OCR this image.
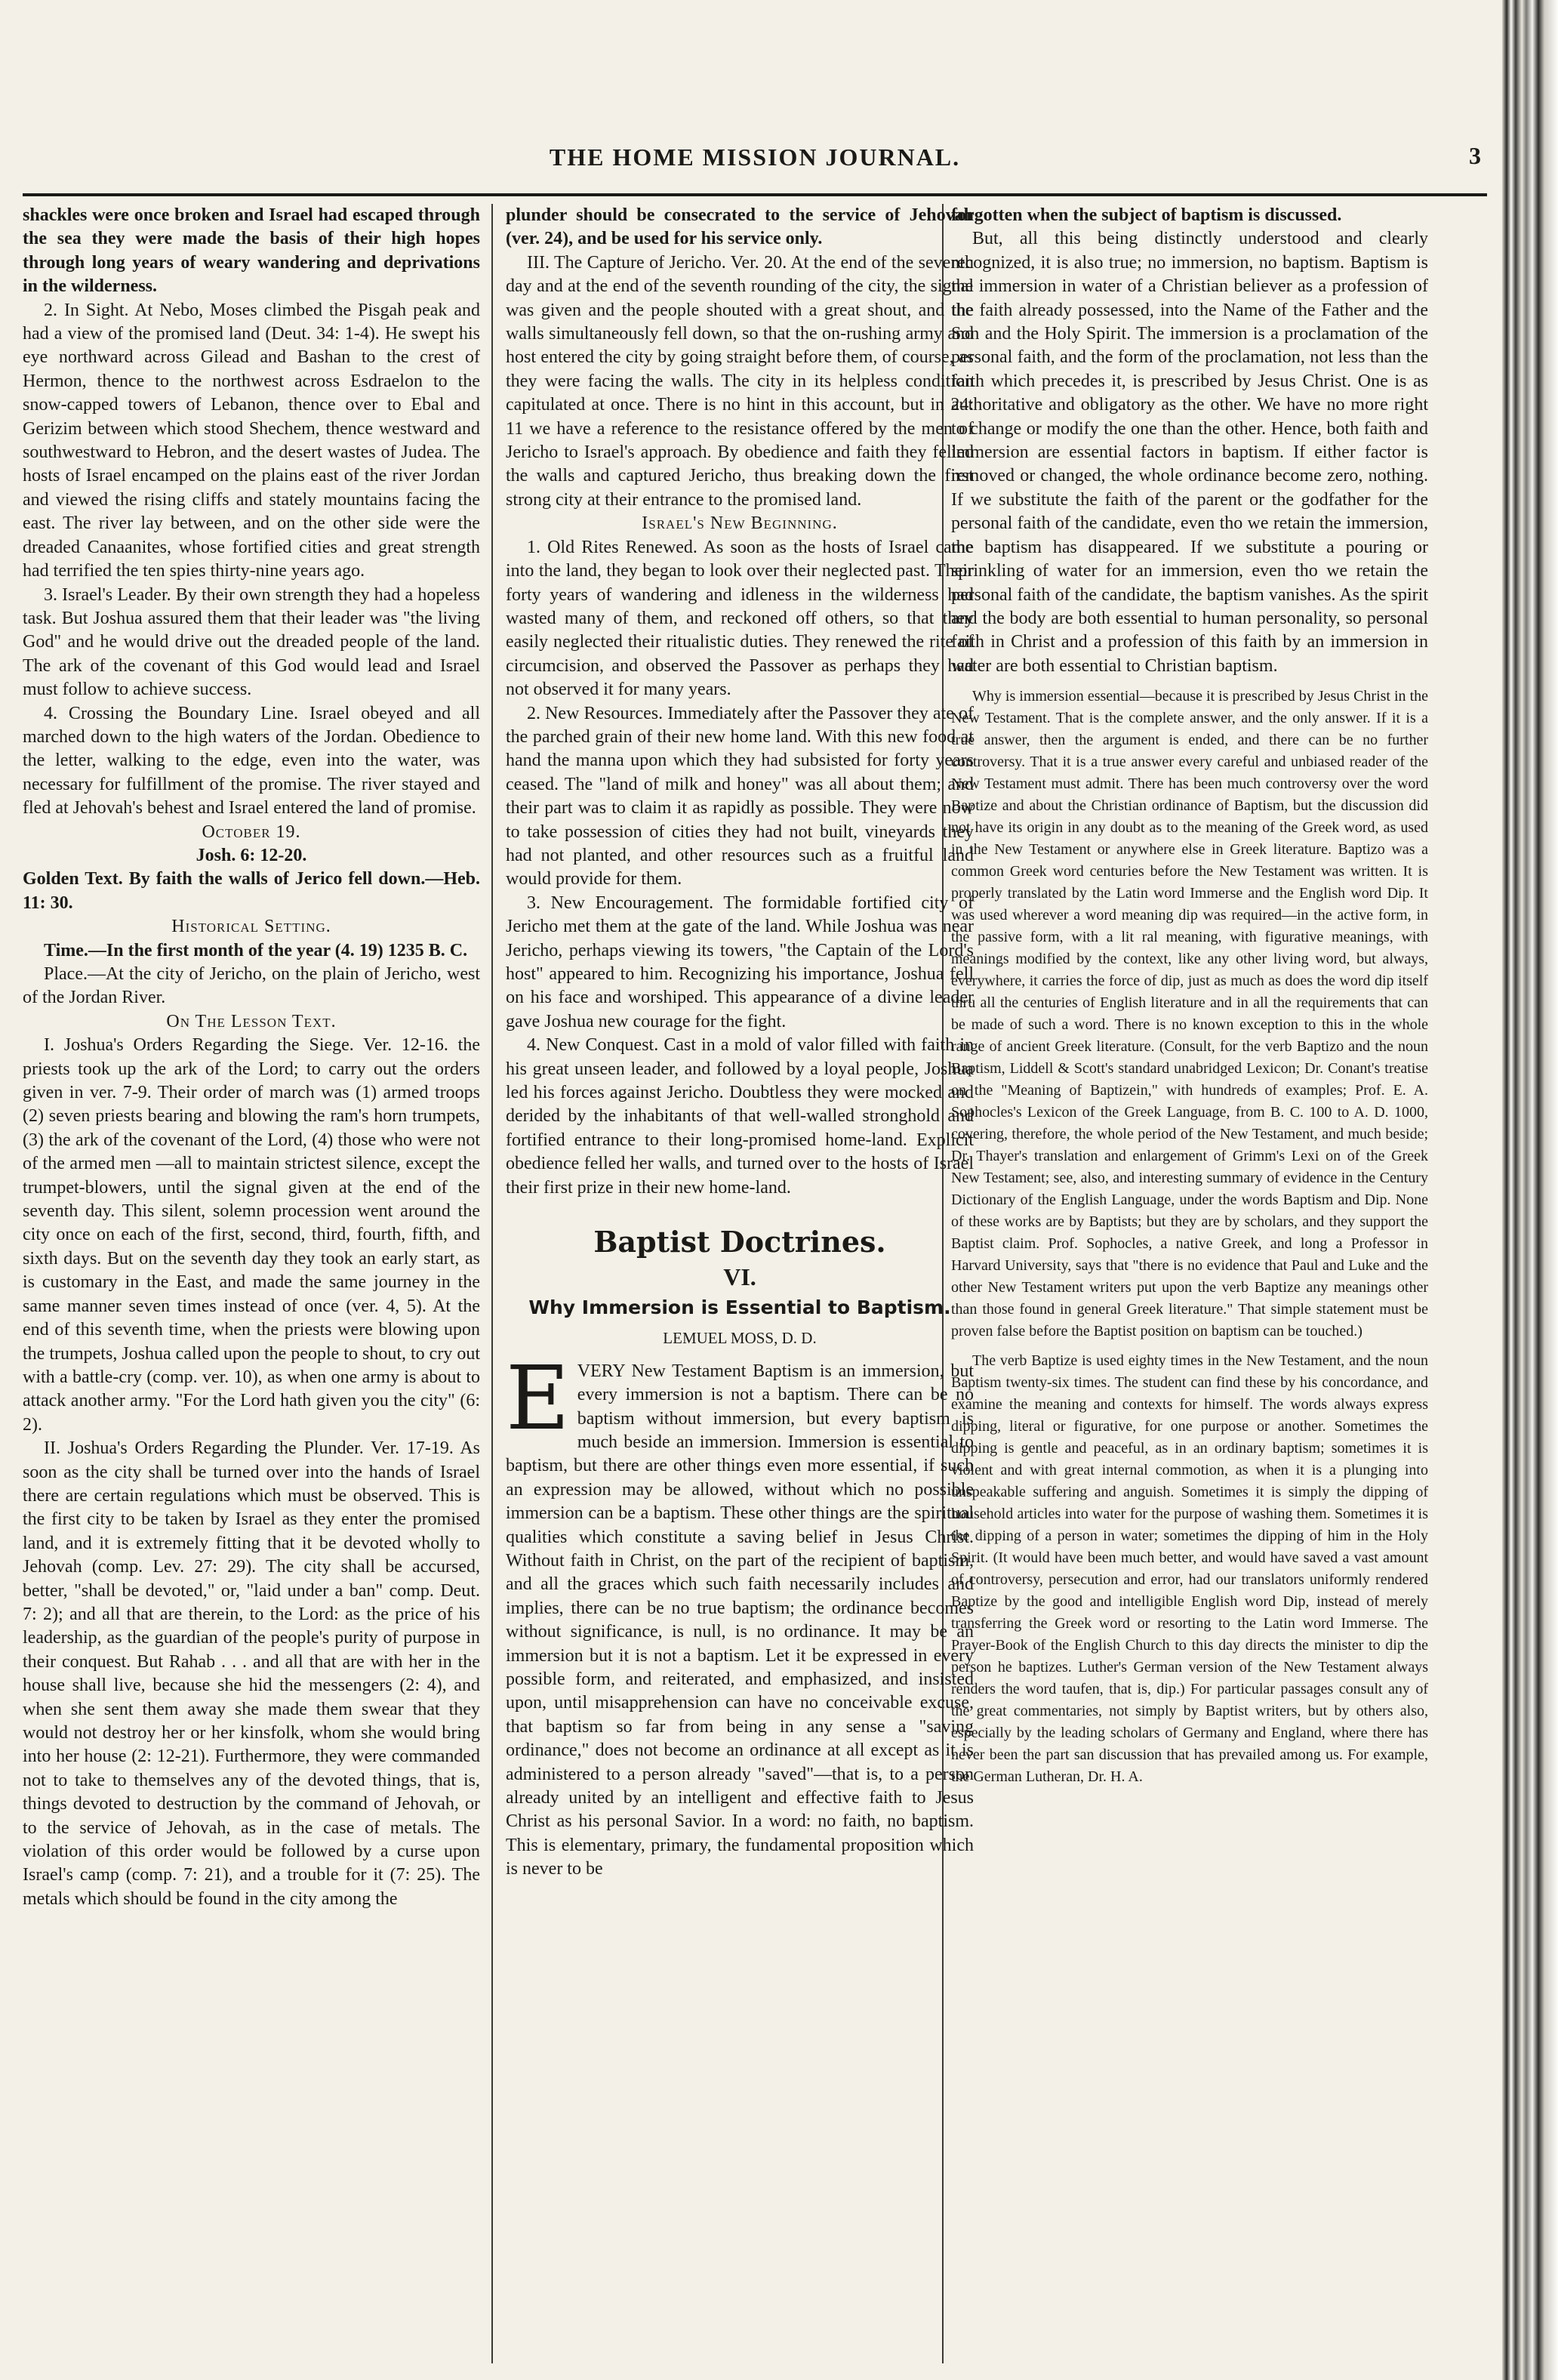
THE HOME MISSION JOURNAL.	3

shackles were once broken and Israel had escaped through the sea they were made the basis of their high hopes through long years of weary wandering and deprivations in the wilderness.

2. In Sight. At Nebo, Moses climbed the Pisgah peak and had a view of the promised land (Deut. 34: 1-4). He swept his eye northward across Gilead and Bashan to the crest of Hermon, thence to the northwest across Esdraelon to the snow-capped towers of Lebanon, thence over to Ebal and Gerizim between which stood Shechem, thence westward and southwestward to Hebron, and the desert wastes of Judea. The hosts of Israel encamped on the plains east of the river Jordan and viewed the rising cliffs and stately mountains facing the east. The river lay between, and on the other side were the dreaded Canaanites, whose fortified cities and great strength had terrified the ten spies thirty-nine years ago.

3. Israel's Leader. By their own strength they had a hopeless task. But Joshua assured them that their leader was "the living God" and he would drive out the dreaded people of the land. The ark of the covenant of this God would lead and Israel must follow to achieve success.

4. Crossing the Boundary Line. Israel obeyed and all marched down to the high waters of the Jordan. Obedience to the letter, walking to the edge, even into the water, was necessary for fulfillment of the promise. The river stayed and fled at Jehovah's behest and Israel entered the land of promise.

October 19.

Josh. 6: 12-20.

Golden Text. By faith the walls of Jerico fell down.—Heb. 11: 30.

Historical Setting.

Time.—In the first month of the year (4. 19) 1235 B. C.

Place.—At the city of Jericho, on the plain of Jericho, west of the Jordan River.

On The Lesson Text.

I. Joshua's Orders Regarding the Siege. Ver. 12-16. the priests took up the ark of the Lord; to carry out the orders given in ver. 7-9. Their order of march was (1) armed troops (2) seven priests bearing and blowing the ram's horn trumpets, (3) the ark of the covenant of the Lord, (4) those who were not of the armed men —all to maintain strictest silence, except the trumpet-blowers, until the signal given at the end of the seventh day. This silent, solemn procession went around the city once on each of the first, second, third, fourth, fifth, and sixth days. But on the seventh day they took an early start, as is customary in the East, and made the same journey in the same manner seven times instead of once (ver. 4, 5). At the end of this seventh time, when the priests were blowing upon the trumpets, Joshua called upon the people to shout, to cry out with a battle-cry (comp. ver. 10), as when one army is about to attack another army. "For the Lord hath given you the city" (6: 2).

II. Joshua's Orders Regarding the Plunder. Ver. 17-19. As soon as the city shall be turned over into the hands of Israel there are certain regulations which must be observed. This is the first city to be taken by Israel as they enter the promised land, and it is extremely fitting that it be devoted wholly to Jehovah (comp. Lev. 27: 29). The city shall be accursed, better, "shall be devoted," or, "laid under a ban" comp. Deut. 7: 2); and all that are therein, to the Lord: as the price of his leadership, as the guardian of the people's purity of purpose in their conquest. But Rahab . . . and all that are with her in the house shall live, because she hid the messengers (2: 4), and when she sent them away she made them swear that they would not destroy her or her kinsfolk, whom she would bring into her house (2: 12-21). Furthermore, they were commanded not to take to themselves any of the devoted things, that is, things devoted to destruction by the command of Jehovah, or to the service of Jehovah, as in the case of metals. The violation of this order would be followed by a curse upon Israel's camp (comp. 7: 21), and a trouble for it (7: 25). The metals which should be found in the city among the

plunder should be consecrated to the service of Jehovah (ver. 24), and be used for his service only.

III. The Capture of Jericho. Ver. 20. At the end of the seventh day and at the end of the seventh rounding of the city, the signal was given and the people shouted with a great shout, and the walls simultaneously fell down, so that the on-rushing army and host entered the city by going straight before them, of course, as they were facing the walls. The city in its helpless condition capitulated at once. There is no hint in this account, but in 24: 11 we have a reference to the resistance offered by the men of Jericho to Israel's approach. By obedience and faith they felled the walls and captured Jericho, thus breaking down the first strong city at their entrance to the promised land.

Israel's New Beginning.

1. Old Rites Renewed. As soon as the hosts of Israel came into the land, they began to look over their neglected past. Their forty years of wandering and idleness in the wilderness had wasted many of them, and reckoned off others, so that they easily neglected their ritualistic duties. They renewed the rite of circumcision, and observed the Passover as perhaps they had not observed it for many years.

2. New Resources. Immediately after the Passover they ate of the parched grain of their new home land. With this new food at hand the manna upon which they had subsisted for forty years ceased. The "land of milk and honey" was all about them; and their part was to claim it as rapidly as possible. They were now to take possession of cities they had not built, vineyards they had not planted, and other resources such as a fruitful land would provide for them.

3. New Encouragement. The formidable fortified city of Jericho met them at the gate of the land. While Joshua was near Jericho, perhaps viewing its towers, "the Captain of the Lord's host" appeared to him. Recognizing his importance, Joshua fell on his face and worshiped. This appearance of a divine leader gave Joshua new courage for the fight.

4. New Conquest. Cast in a mold of valor filled with faith in his great unseen leader, and followed by a loyal people, Joshua led his forces against Jericho. Doubtless they were mocked and derided by the inhabitants of that well-walled stronghold and fortified entrance to their long-promised home-land. Explicit obedience felled her walls, and turned over to the hosts of Israel their first prize in their new home-land.

Baptist Doctrines.
VI.
Why Immersion is Essential to Baptism.
LEMUEL MOSS, D. D.

EVERY New Testament Baptism is an immersion, but every immersion is not a baptism. There can be no baptism without immersion, but every baptism is much beside an immersion. Immersion is essential to baptism, but there are other things even more essential, if such an expression may be allowed, without which no possible immersion can be a baptism. These other things are the spiritual qualities which constitute a saving belief in Jesus Christ. Without faith in Christ, on the part of the recipient of baptism, and all the graces which such faith necessarily includes and implies, there can be no true baptism; the ordinance becomes without significance, is null, is no ordinance. It may be an immersion but it is not a baptism. Let it be expressed in every possible form, and reiterated, and emphasized, and insisted upon, until misapprehension can have no conceivable excuse, that baptism so far from being in any sense a "saving ordinance," does not become an ordinance at all except as it is administered to a person already "saved"—that is, to a person already united by an intelligent and effective faith to Jesus Christ as his personal Savior. In a word: no faith, no baptism. This is elementary, primary, the fundamental proposition which is never to be

forgotten when the subject of baptism is discussed.

But, all this being distinctly understood and clearly recognized, it is also true; no immersion, no baptism. Baptism is the immersion in water of a Christian believer as a profession of the faith already possessed, into the Name of the Father and the Son and the Holy Spirit. The immersion is a proclamation of the personal faith, and the form of the proclamation, not less than the faith which precedes it, is prescribed by Jesus Christ. One is as authoritative and obligatory as the other. We have no more right to change or modify the one than the other. Hence, both faith and immersion are essential factors in baptism. If either factor is removed or changed, the whole ordinance become zero, nothing. If we substitute the faith of the parent or the godfather for the personal faith of the candidate, even tho we retain the immersion, the baptism has disappeared. If we substitute a pouring or sprinkling of water for an immersion, even tho we retain the personal faith of the candidate, the baptism vanishes. As the spirit and the body are both essential to human personality, so personal faith in Christ and a profession of this faith by an immersion in water are both essential to Christian baptism.

Why is immersion essential—because it is prescribed by Jesus Christ in the New Testament. That is the complete answer, and the only answer. If it is a true answer, then the argument is ended, and there can be no further controversy. That it is a true answer every careful and unbiased reader of the New Testament must admit. There has been much controversy over the word Baptize and about the Christian ordinance of Baptism, but the discussion did not have its origin in any doubt as to the meaning of the Greek word, as used in the New Testament or anywhere else in Greek literature. Baptizo was a common Greek word centuries before the New Testament was written. It is properly translated by the Latin word Immerse and the English word Dip. It was used wherever a word meaning dip was required—in the active form, in the passive form, with a lit ral meaning, with figurative meanings, with meanings modified by the context, like any other living word, but always, everywhere, it carries the force of dip, just as much as does the word dip itself thru all the centuries of English literature and in all the requirements that can be made of such a word. There is no known exception to this in the whole range of ancient Greek literature. (Consult, for the verb Baptizo and the noun Baptism, Liddell & Scott's standard unabridged Lexicon; Dr. Conant's treatise on the "Meaning of Baptizein," with hundreds of examples; Prof. E. A. Sophocles's Lexicon of the Greek Language, from B. C. 100 to A. D. 1000, covering, therefore, the whole period of the New Testament, and much beside; Dr. Thayer's translation and enlargement of Grimm's Lexi on of the Greek New Testament; see, also, and interesting summary of evidence in the Century Dictionary of the English Language, under the words Baptism and Dip. None of these works are by Baptists; but they are by scholars, and they support the Baptist claim. Prof. Sophocles, a native Greek, and long a Professor in Harvard University, says that "there is no evidence that Paul and Luke and the other New Testament writers put upon the verb Baptize any meanings other than those found in general Greek literature." That simple statement must be proven false before the Baptist position on baptism can be touched.)

The verb Baptize is used eighty times in the New Testament, and the noun Baptism twenty-six times. The student can find these by his concordance, and examine the meaning and contexts for himself. The words always express dipping, literal or figurative, for one purpose or another. Sometimes the dipping is gentle and peaceful, as in an ordinary baptism; sometimes it is violent and with great internal commotion, as when it is a plunging into unspeakable suffering and anguish. Sometimes it is simply the dipping of household articles into water for the purpose of washing them. Sometimes it is the dipping of a person in water; sometimes the dipping of him in the Holy Spirit. (It would have been much better, and would have saved a vast amount of controversy, persecution and error, had our translators uniformly rendered Baptize by the good and intelligible English word Dip, instead of merely transferring the Greek word or resorting to the Latin word Immerse. The Prayer-Book of the English Church to this day directs the minister to dip the person he baptizes. Luther's German version of the New Testament always renders the word taufen, that is, dip.) For particular passages consult any of the great commentaries, not simply by Baptist writers, but by others also, especially by the leading scholars of Germany and England, where there has never been the part san discussion that has prevailed among us. For example, the German Lutheran, Dr. H. A.
